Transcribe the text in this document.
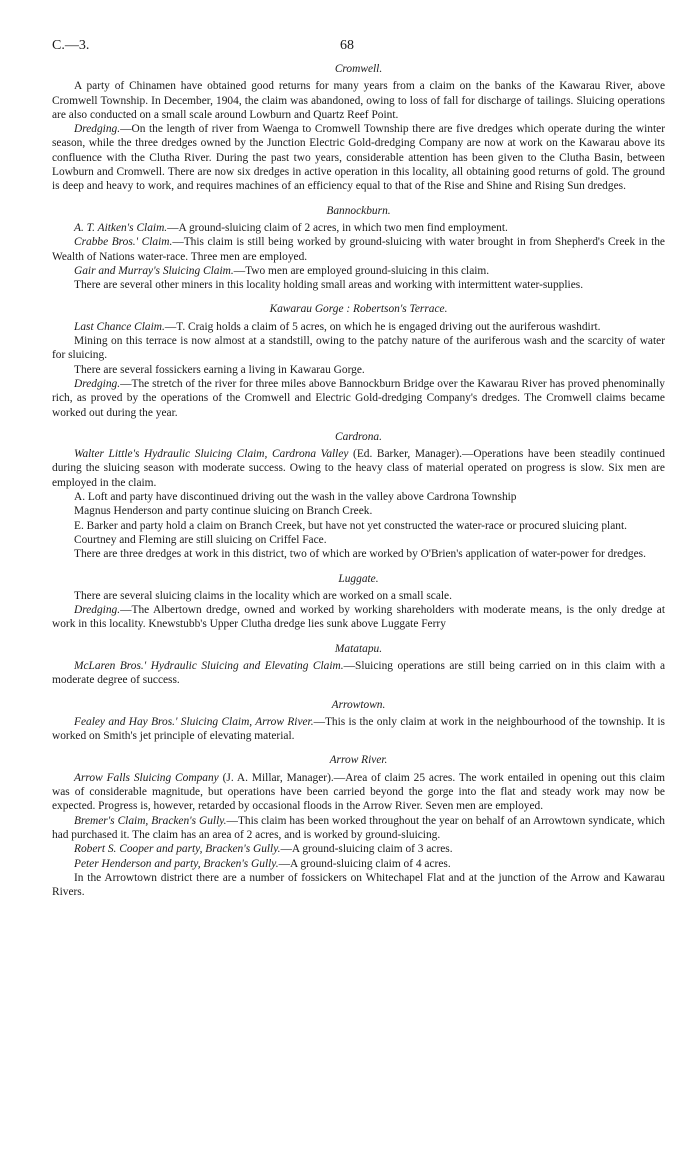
C.—3.	68
Cromwell.

A party of Chinamen have obtained good returns for many years from a claim on the banks of the Kawarau River, above Cromwell Township. In December, 1904, the claim was abandoned, owing to loss of fall for discharge of tailings. Sluicing operations are also conducted on a small scale around Lowburn and Quartz Reef Point.

Dredging.—On the length of river from Waenga to Cromwell Township there are five dredges which operate during the winter season, while the three dredges owned by the Junction Electric Gold-dredging Company are now at work on the Kawarau above its confluence with the Clutha River. During the past two years, considerable attention has been given to the Clutha Basin, between Lowburn and Cromwell. There are now six dredges in active operation in this locality, all obtaining good returns of gold. The ground is deep and heavy to work, and requires machines of an efficiency equal to that of the Rise and Shine and Rising Sun dredges.

Bannockburn.

A. T. Aitken's Claim.—A ground-sluicing claim of 2 acres, in which two men find employment.

Crabbe Bros.' Claim.—This claim is still being worked by ground-sluicing with water brought in from Shepherd's Creek in the Wealth of Nations water-race. Three men are employed.

Gair and Murray's Sluicing Claim.—Two men are employed ground-sluicing in this claim.

There are several other miners in this locality holding small areas and working with intermittent water-supplies.

Kawarau Gorge : Robertson's Terrace.

Last Chance Claim.—T. Craig holds a claim of 5 acres, on which he is engaged driving out the auriferous washdirt.

Mining on this terrace is now almost at a standstill, owing to the patchy nature of the auriferous wash and the scarcity of water for sluicing.

There are several fossickers earning a living in Kawarau Gorge.

Dredging.—The stretch of the river for three miles above Bannockburn Bridge over the Kawarau River has proved phenominally rich, as proved by the operations of the Cromwell and Electric Gold-dredging Company's dredges. The Cromwell claims became worked out during the year.

Cardrona.

Walter Little's Hydraulic Sluicing Claim, Cardrona Valley (Ed. Barker, Manager).—Operations have been steadily continued during the sluicing season with moderate success. Owing to the heavy class of material operated on progress is slow. Six men are employed in the claim.

A. Loft and party have discontinued driving out the wash in the valley above Cardrona Township

Magnus Henderson and party continue sluicing on Branch Creek.

E. Barker and party hold a claim on Branch Creek, but have not yet constructed the water-race or procured sluicing plant.

Courtney and Fleming are still sluicing on Criffel Face.

There are three dredges at work in this district, two of which are worked by O'Brien's application of water-power for dredges.

Luggate.

There are several sluicing claims in the locality which are worked on a small scale.

Dredging.—The Albertown dredge, owned and worked by working shareholders with moderate means, is the only dredge at work in this locality. Knewstubb's Upper Clutha dredge lies sunk above Luggate Ferry

Matatapu.

McLaren Bros.' Hydraulic Sluicing and Elevating Claim.—Sluicing operations are still being carried on in this claim with a moderate degree of success.

Arrowtown.

Fealey and Hay Bros.' Sluicing Claim, Arrow River.—This is the only claim at work in the neighbourhood of the township. It is worked on Smith's jet principle of elevating material.

Arrow River.

Arrow Falls Sluicing Company (J. A. Millar, Manager).—Area of claim 25 acres. The work entailed in opening out this claim was of considerable magnitude, but operations have been carried beyond the gorge into the flat and steady work may now be expected. Progress is, however, retarded by occasional floods in the Arrow River. Seven men are employed.

Bremer's Claim, Bracken's Gully.—This claim has been worked throughout the year on behalf of an Arrowtown syndicate, which had purchased it. The claim has an area of 2 acres, and is worked by ground-sluicing.

Robert S. Cooper and party, Bracken's Gully.—A ground-sluicing claim of 3 acres.

Peter Henderson and party, Bracken's Gully.—A ground-sluicing claim of 4 acres.

In the Arrowtown district there are a number of fossickers on Whitechapel Flat and at the junction of the Arrow and Kawarau Rivers.
